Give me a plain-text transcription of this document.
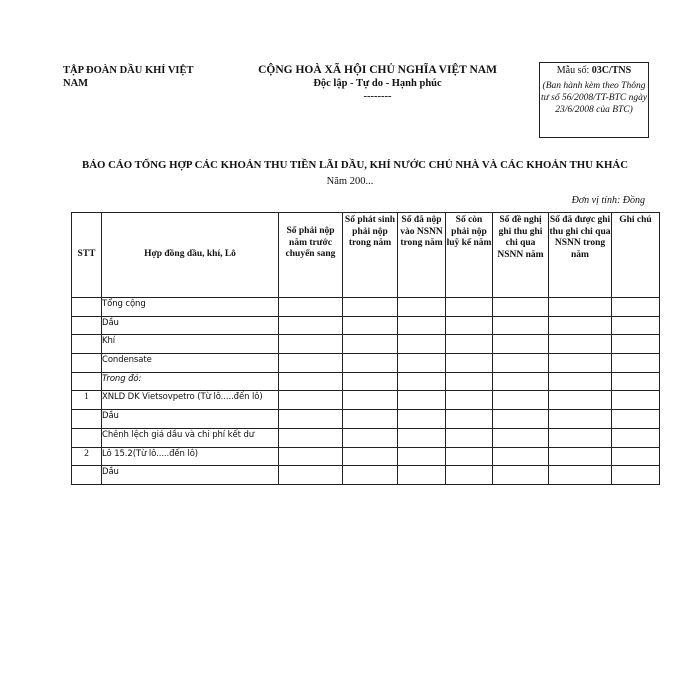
TẬP ĐOÀN DẦU KHÍ VIỆT NAM
CỘNG HOÀ XÃ HỘI CHỦ NGHĨA VIỆT NAM
Độc lập - Tự do - Hạnh phúc
--------
Mẫu số: 03C/TNS
(Ban hành kèm theo Thông tư số 56/2008/TT-BTC ngày 23/6/2008 của BTC)
BÁO CÁO TỔNG HỢP CÁC KHOẢN THU TIỀN LÃI DẦU, KHÍ NƯỚC CHỦ NHÀ VÀ CÁC KHOẢN THU KHÁC
Năm 200...
Đơn vị tính: Đồng
STT	Hợp đồng dầu, khí, Lô	Số phải nộp năm trước chuyển sang	Số phát sinh phải nộp trong năm	Số đã nộp vào NSNN trong năm	Số còn phải nộp luỹ kế năm	Số đề nghị ghi thu ghi chi qua NSNN năm	Số đã được ghi thu ghi chi qua NSNN trong năm	Ghi chú
	Tổng cộng							
	Dầu							
	Khí							
	Condensate							
	Trong đó:							
1	XNLD DK Vietsovpetro (Từ lô.....đến lô)							
	Dầu							
	Chênh lệch giá dầu và chi phí kết dư							
2	Lô 15.2(Từ lô.....đến lô)							
	Dầu							
